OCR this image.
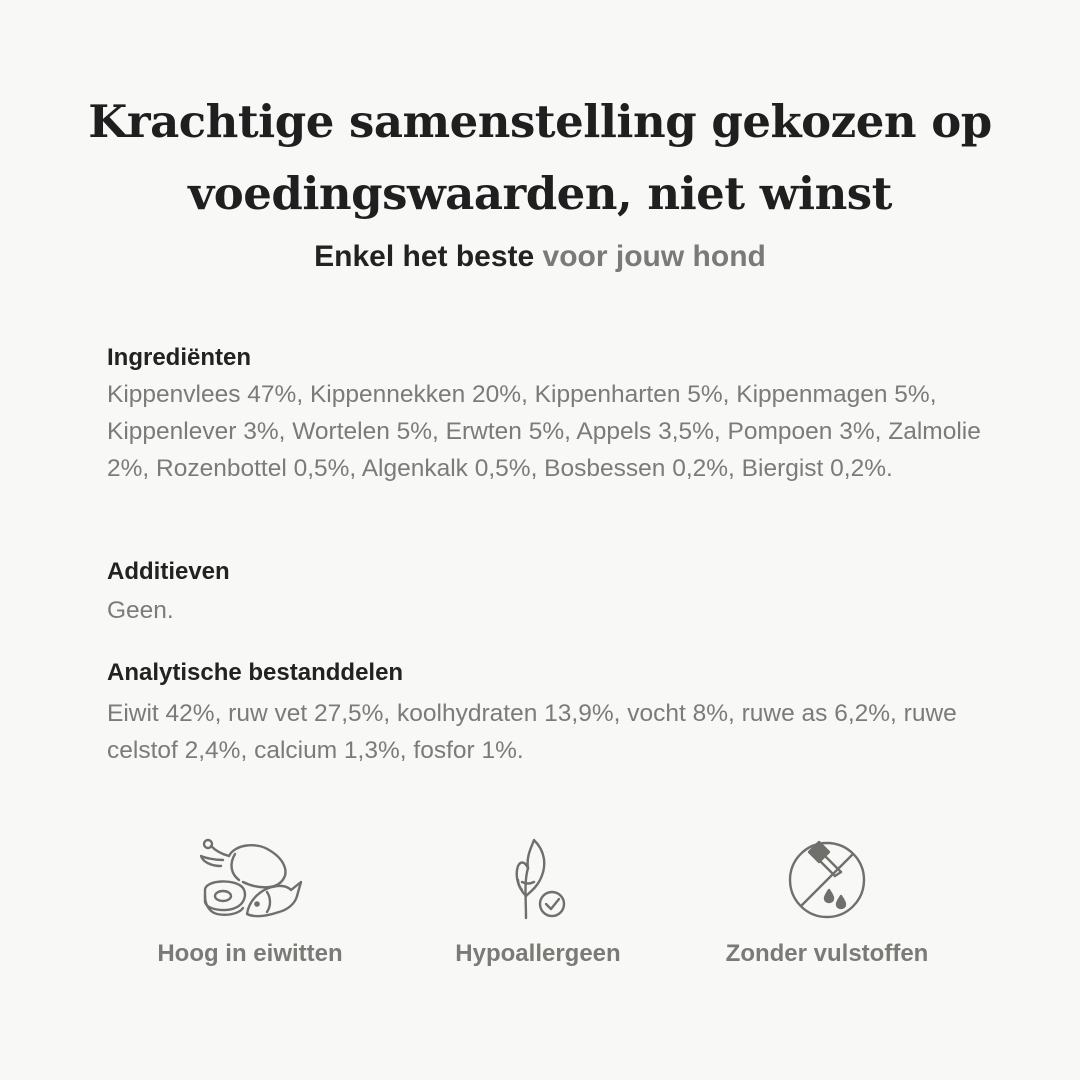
Krachtige samenstelling gekozen op
voedingswaarden, niet winst

Enkel het beste voor jouw hond

Ingrediënten

Kippenvlees 47%, Kippennekken 20%, Kippenharten 5%, Kippenmagen 5%, Kippenlever 3%, Wortelen 5%, Erwten 5%, Appels 3,5%, Pompoen 3%, Zalmolie 2%, Rozenbottel 0,5%, Algenkalk 0,5%, Bosbessen 0,2%, Biergist 0,2%.

Additieven

Geen.

Analytische bestanddelen

Eiwit 42%, ruw vet 27,5%, koolhydraten 13,9%, vocht 8%, ruwe as 6,2%, ruwe celstof 2,4%, calcium 1,3%, fosfor 1%.

Hoog in eiwitten	Hypoallergeen	Zonder vulstoffen
